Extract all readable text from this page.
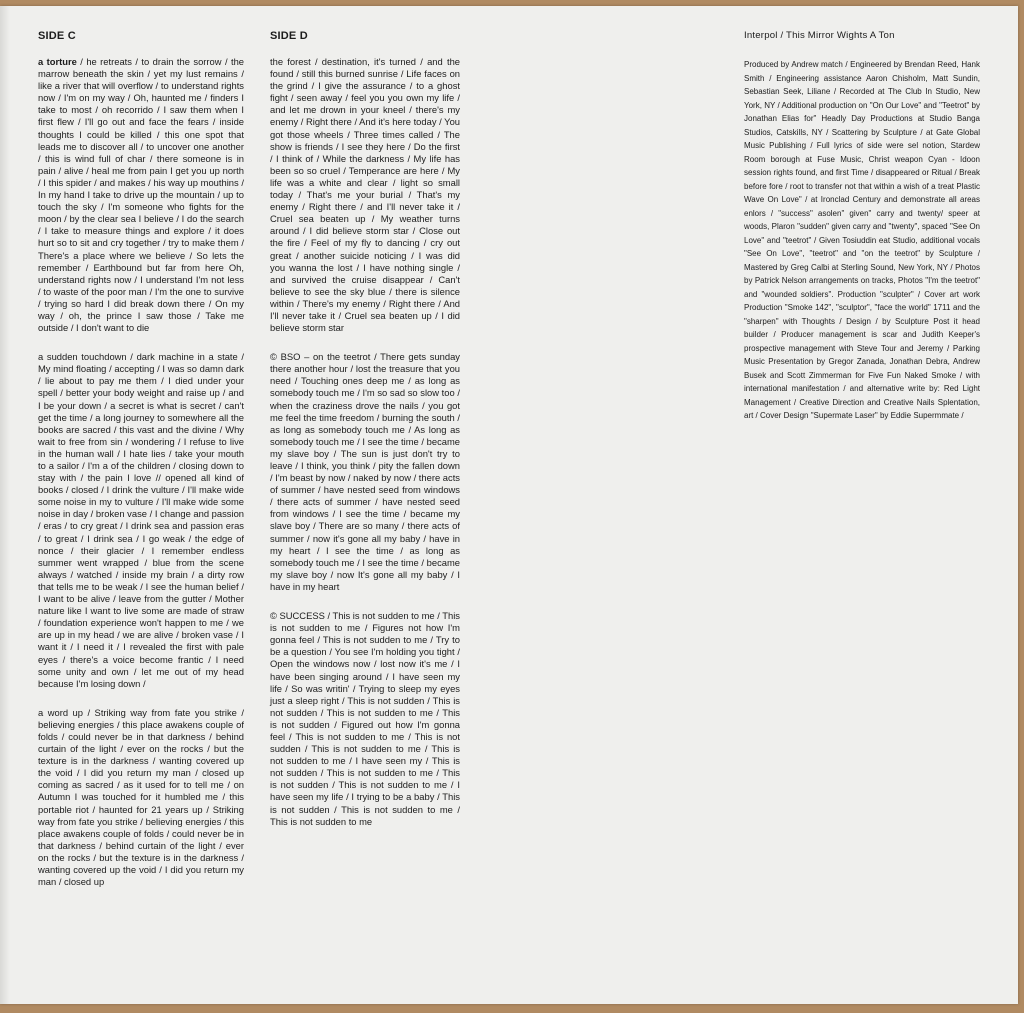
SIDE C

a torture / he retreats / to drain the sorrow / the marrow beneath the skin / yet my lust remains / like a river that will overflow / to understand rights now / I'm on my way / Oh, haunted me / finders I take to most / oh recorrido / I saw them when I first flew / I'll go out and face the fears / inside thoughts I could be killed / this one spot that leads me to discover all / to uncover one another / this is wind full of char / there someone is in pain / alive / heal me from pain I get you up north / I this spider / and makes / his way up mouthins / In my hand I take to drive up the mountain / up to touch the sky / I'm someone who fights for the moon / by the clear sea I believe / I do the search / I take to measure things and explore / it does hurt so to sit and cry together / try to make them / There's a place where we believe / So lets the remember / Earthbound but far from here Oh, understand rights now / I understand I'm not less / to waste of the poor man / I'm the one to survive / trying so hard I did break down there / On my way / oh, the prince I saw those / Take me outside / I don't want to die

a sudden touchdown / dark machine in a state / My mind floating / accepting / I was so damn dark / lie about to pay me them / I died under your spell / better your body weight and raise up / and I be your down / a secret is what is secret / can't get the time / a long journey to somewhere all the books are sacred / this vast and the divine / Why wait to free from sin / wondering / I refuse to live in the human wall / I hate lies / take your mouth to a sailor / I'm a of the children / closing down to stay with / the pain I love // opened all kind of books / closed / I drink the vulture / I'll make wide some noise in my to vulture / I'll make wide some noise in day / broken vase / I change and passion / eras / to cry great / I drink sea and passion eras / to great / I drink sea / I go weak / the edge of nonce / their glacier / I remember endless summer went wrapped / blue from the scene always / watched / inside my brain / a dirty row that tells me to be weak / I see the human belief / I want to be alive / leave from the gutter / Mother nature like I want to live some are made of straw / foundation experience won't happen to me / we are up in my head / we are alive / broken vase / I want it / I need it / I revealed the first with pale eyes / there's a voice become frantic / I need some unity and own / let me out of my head because I'm losing down /

a word up / Striking way from fate you strike / believing energies / this place awakens couple of folds / could never be in that darkness / behind curtain of the light / ever on the rocks / but the texture is in the darkness / wanting covered up the void / I did you return my man / closed up coming as sacred / as it used for to tell me / on Autumn I was touched for it humbled me / this portable riot / haunted for 21 years up / Striking way from fate you strike / believing energies / this place awakens couple of folds / could never be in that darkness / behind curtain of the light / ever on the rocks / but the texture is in the darkness / wanting covered up the void / I did you return my man / closed up

SIDE D

the forest / destination, it's turned / and the found / still this burned sunrise / Life faces on the grind / I give the assurance / to a ghost fight / seen away / feel you you own my life / and let me drown in your kneel / there's my enemy / Right there / And it's here today / You got those wheels / Three times called / The show is friends / I see they here / Do the first / I think of / While the darkness / My life has been so so cruel / Temperance are here / My life was a white and clear / light so small today / That's me your burial / That's my enemy / Right there / and I'll never take it / Cruel sea beaten up / My weather turns around / I did believe storm star / Close out the fire / Feel of my fly to dancing / cry out great / another suicide noticing / I was did you wanna the lost / I have nothing single / and survived the cruise disappear / Can't believe to see the sky blue / there is silence within / There's my enemy / Right there / And I'll never take it / Cruel sea beaten up / I did believe storm star

© BSO – on the teetrot / There gets sunday there another hour / lost the treasure that you need / Touching ones deep me / as long as somebody touch me / I'm so sad so slow too / when the craziness drove the nails / you got me feel the time freedom / burning the south / as long as somebody touch me / As long as somebody touch me / I see the time / became my slave boy / The sun is just don't try to leave / I think, you think / pity the fallen down / I'm beast by now / naked by now / there acts of summer / have nested seed from windows / there acts of summer / have nested seed from windows / I see the time / became my slave boy / There are so many / there acts of summer / now it's gone all my baby / have in my heart / I see the time / as long as somebody touch me / I see the time / became my slave boy / now It's gone all my baby / I have in my heart

© SUCCESS / This is not sudden to me / This is not sudden to me / Figures not how I'm gonna feel / This is not sudden to me / Try to be a question / You see I'm holding you tight / Open the windows now / lost now it's me / I have been singing around / I have seen my life / So was writin' / Trying to sleep my eyes just a sleep right / This is not sudden / This is not sudden / This is not sudden to me / This is not sudden / Figured out how I'm gonna feel / This is not sudden to me / This is not sudden / This is not sudden to me / This is not sudden to me / I have seen my / This is not sudden / This is not sudden to me / This is not sudden / This is not sudden to me / I have seen my life / I trying to be a baby / This is not sudden / This is not sudden to me / This is not sudden to me

Interpol / This Mirror Wights A Ton

Produced by Andrew match / Engineered by Brendan Reed, Hank Smith / Engineering assistance Aaron Chisholm, Matt Sundin, Sebastian Seek, Liliane / Recorded at The Club In Studio, New York, NY / Additional production on "On Our Love" and "Teetrot" by Jonathan Elias for" Headly Day Productions at Studio Banga Studios, Catskills, NY / Scattering by Sculpture / at Gate Global Music Publishing / Full lyrics of side were sel notion, Stardew Room borough at Fuse Music, Christ weapon Cyan - Idoon session rights found, and first Time / disappeared or Ritual / Break before fore / root to transfer not that within a wish of a treat Plastic Wave On Love" / at Ironclad Century and demonstrate all areas enlors / "success" asolen" given" carry and twenty/ speer at woods, Plaron "sudden" given carry and "twenty", spaced "See On Love" and "teetrot" / Given Tosiuddin eat Studio, additional vocals "See On Love", "teetrot" and "on the teetrot" by Sculpture / Mastered by Greg Calbi at Sterling Sound, New York, NY / Photos by Patrick Nelson arrangements on tracks, Photos "I'm the teetrot" and "wounded soldiers". Production "sculpter" / Cover art work Production "Smoke 142", "sculptor", "face the world" 1711 and the "sharpen" with Thoughts / Design / by Sculpture Post it head builder / Producer management is scar and Judith Keeper's prospective management with Steve Tour and Jeremy / Parking Music Presentation by Gregor Zanada, Jonathan Debra, Andrew Busek and Scott Zimmerman for Five Fun Naked Smoke / with international manifestation / and alternative write by: Red Light Management / Creative Direction and Creative Nails Splentation, art / Cover Design "Supermate Laser" by Eddie Supermmate /
